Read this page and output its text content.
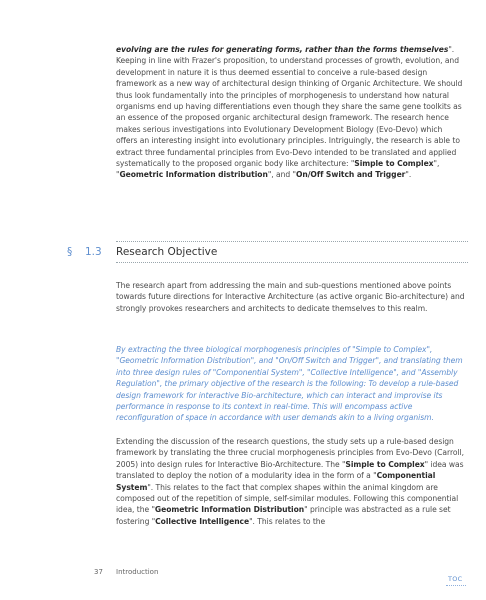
evolving are the rules for generating forms, rather than the forms themselves". Keeping in line with Frazer's proposition, to understand processes of growth, evolution, and development in nature it is thus deemed essential to conceive a rule-based design framework as a new way of architectural design thinking of Organic Architecture. We should thus look fundamentally into the principles of morphogenesis to understand how natural organisms end up having differentiations even though they share the same gene toolkits as an essence of the proposed organic architectural design framework. The research hence makes serious investigations into Evolutionary Development Biology (Evo-Devo) which offers an interesting insight into evolutionary principles. Intriguingly, the research is able to extract three fundamental principles from Evo-Devo intended to be translated and applied systematically to the proposed organic body like architecture: "Simple to Complex", "Geometric Information distribution", and "On/Off Switch and Trigger".

§ 1.3 Research Objective

The research apart from addressing the main and sub-questions mentioned above points towards future directions for Interactive Architecture (as active organic Bio-architecture) and strongly provokes researchers and architects to dedicate themselves to this realm.

By extracting the three biological morphogenesis principles of "Simple to Complex", "Geometric Information Distribution", and "On/Off Switch and Trigger", and translating them into three design rules of "Componential System", "Collective Intelligence", and "Assembly Regulation", the primary objective of the research is the following: To develop a rule-based design framework for interactive Bio-architecture, which can interact and improvise its performance in response to its context in real-time. This will encompass active reconfiguration of space in accordance with user demands akin to a living organism.

Extending the discussion of the research questions, the study sets up a rule-based design framework by translating the three crucial morphogenesis principles from Evo-Devo (Carroll, 2005) into design rules for Interactive Bio-Architecture. The "Simple to Complex" idea was translated to deploy the notion of a modularity idea in the form of a "Componential System". This relates to the fact that complex shapes within the animal kingdom are composed out of the repetition of simple, self-similar modules. Following this componential idea, the "Geometric Information Distribution" principle was abstracted as a rule set fostering "Collective Intelligence". This relates to the

37 Introduction
TOC
